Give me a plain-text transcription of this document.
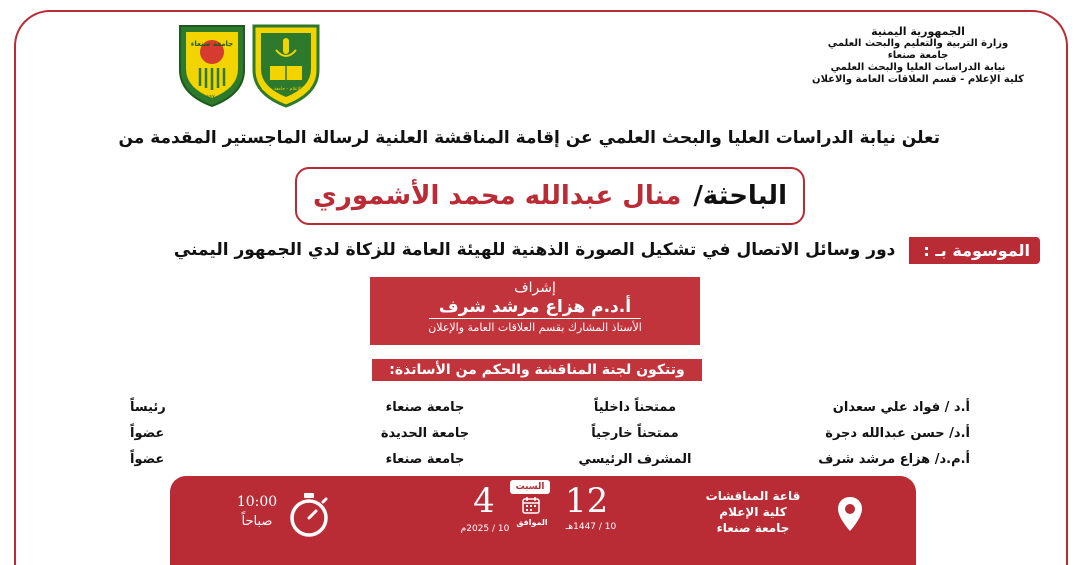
الجمهورية اليمنية
وزارة التربية والتعليم والبحث العلمي
جامعة صنعاء
نيابة الدراسات العليا والبحث العلمي
كلية الإعلام - قسم العلاقات العامة والاعلان
جامعة صنعاء
١٩٧٠
كلية الإعلام - جامعة صنعاء
تعلن نيابة الدراسات العليا والبحث العلمي عن إقامة المناقشة العلنية لرسالة الماجستير المقدمة من
الباحثة/
منال عبدالله محمد الأشموري
الموسومة بـ :
دور وسائل الاتصال في تشكيل الصورة الذهنية للهيئة العامة للزكاة لدي الجمهور اليمني
إشراف
أ.د.م هزاع مرشد شرف
الأستاذ المشارك بقسم العلاقات العامة والإعلان
وتتكون لجنة المناقشة والحكم من الأساتذة:
أ.د / فواد علي سعدان
ممتحناً داخلياً
جامعة صنعاء
رئيساً
أ.د/ حسن عبدالله دجرة
ممتحناً خارجياً
جامعة الحديدة
عضواً
أ.م.د/ هزاع مرشد شرف
المشرف الرئيسي
جامعة صنعاء
عضواً
قاعة المناقشات
كلية الإعلام
جامعة صنعاء
12
10 / 1447هـ
السبت
الموافق
4
10 / 2025م
10:00
صباحاً
